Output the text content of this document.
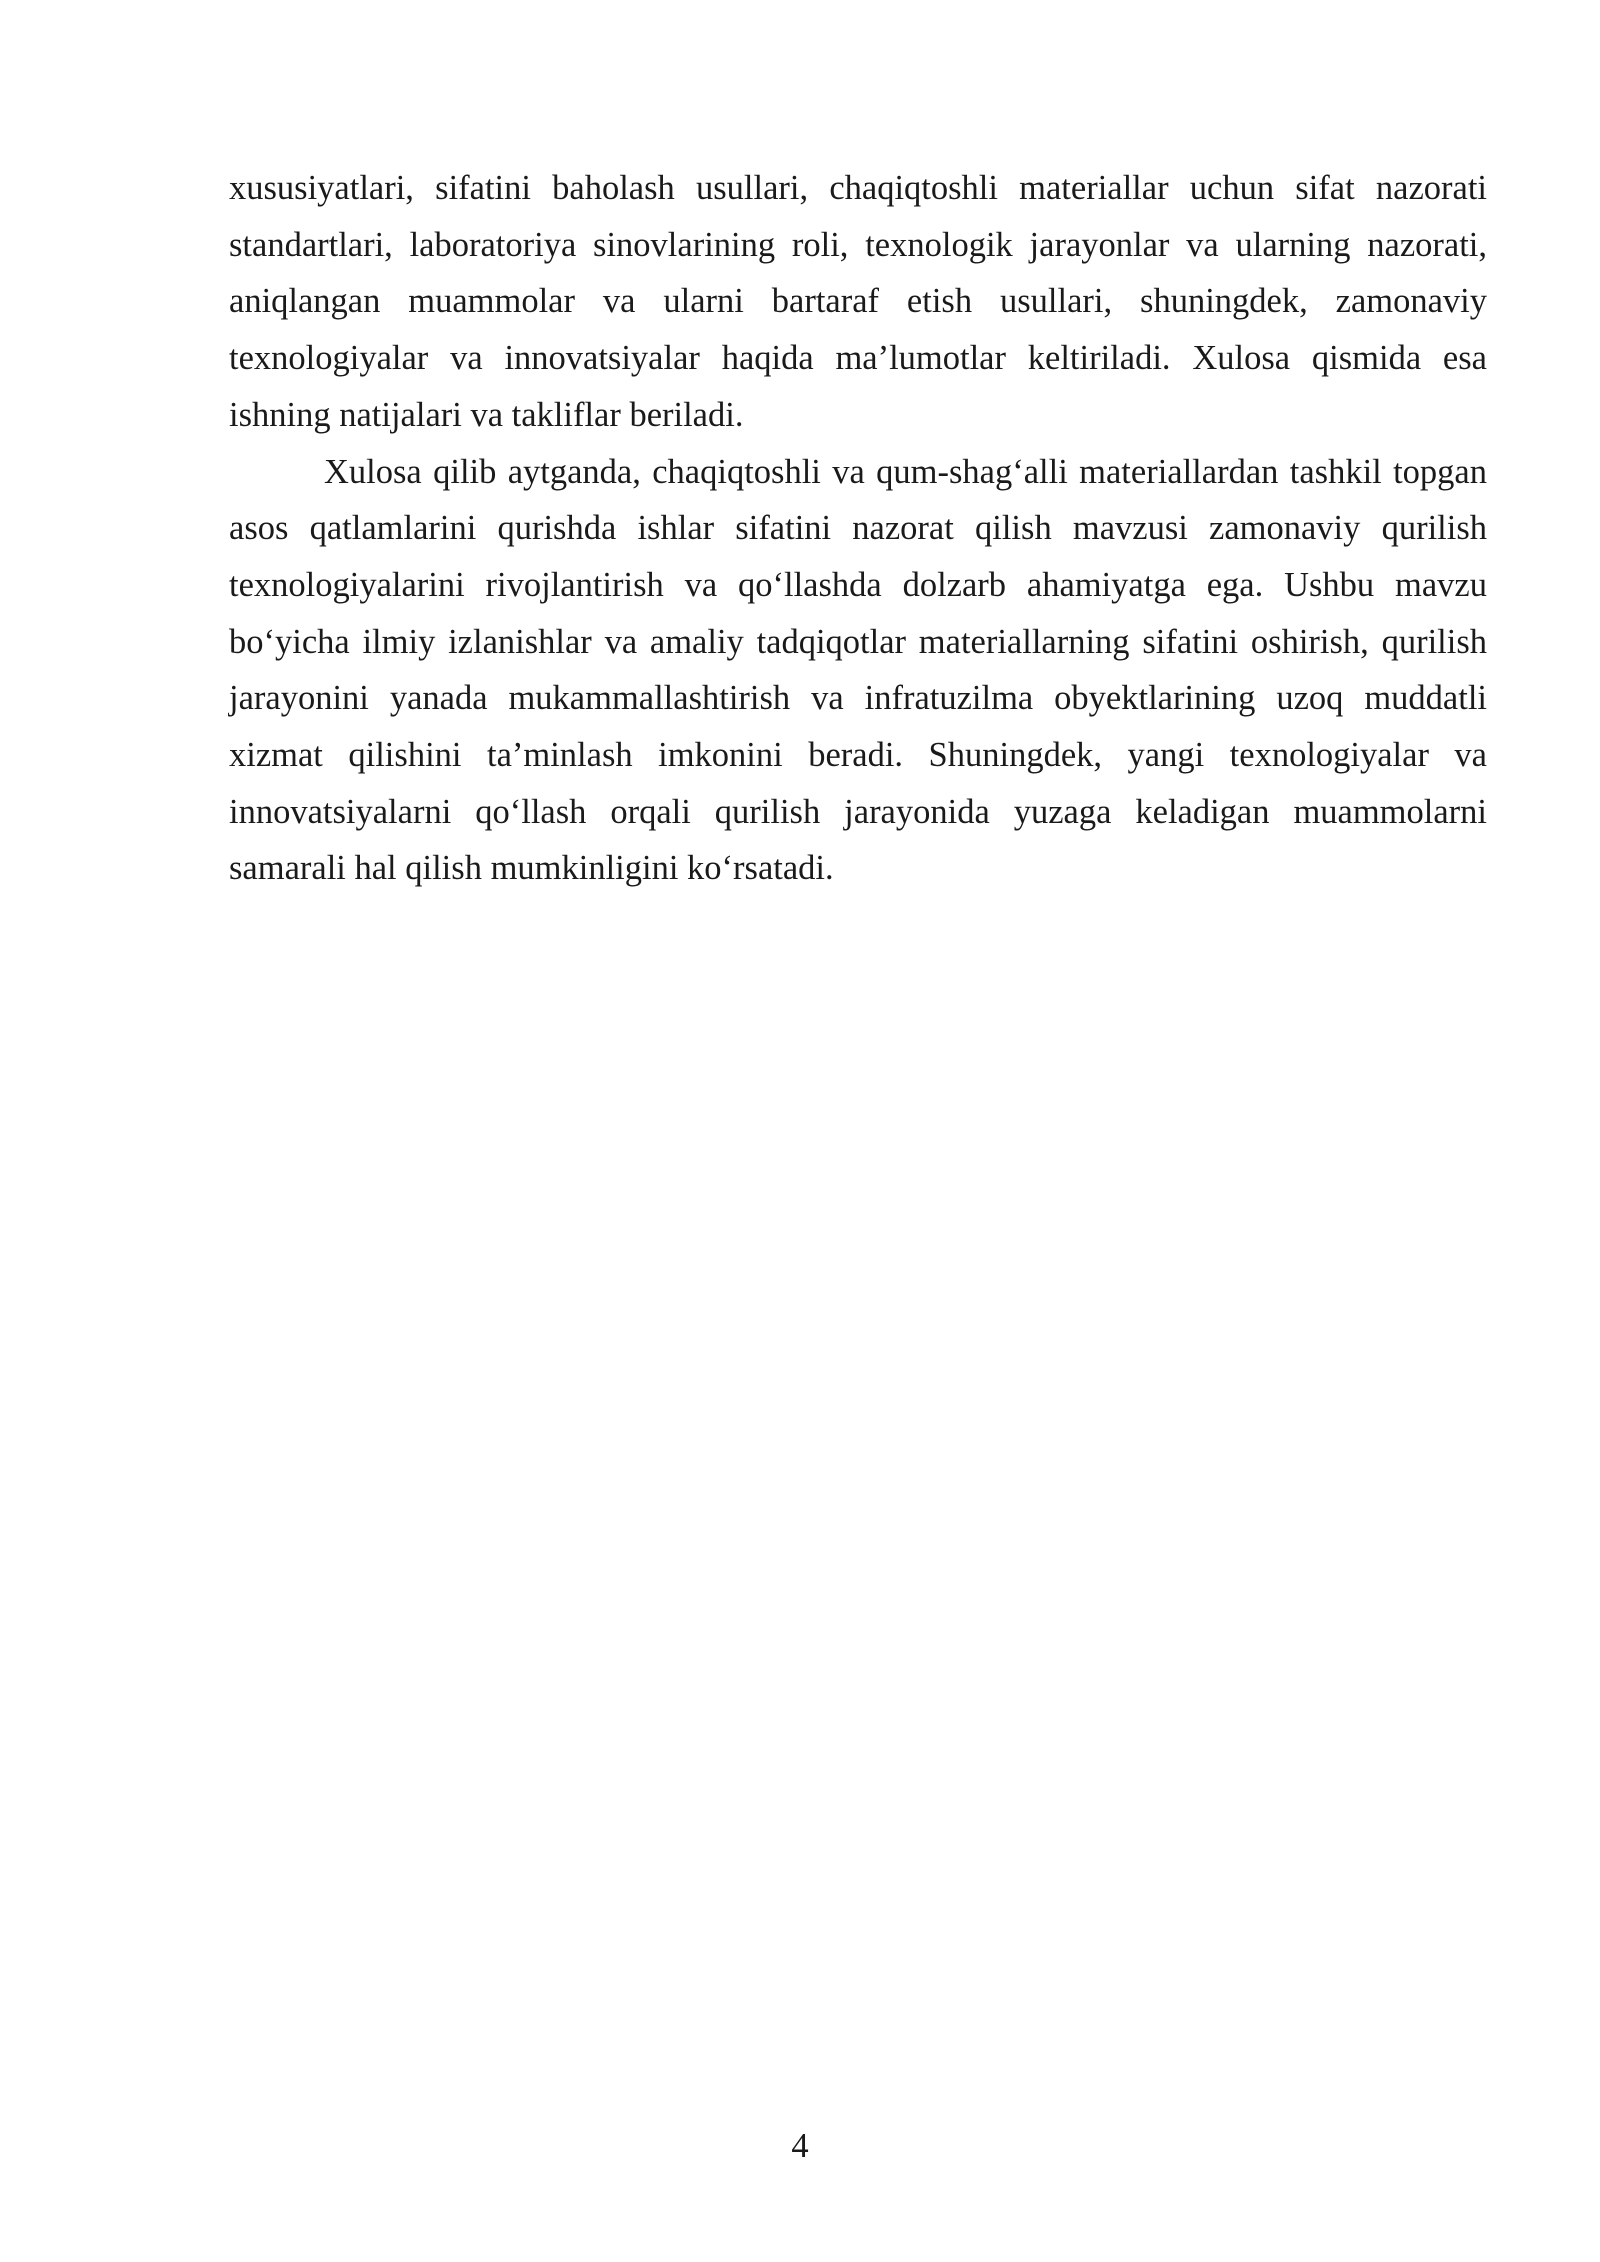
xususiyatlari, sifatini baholash usullari, chaqiqtoshli materiallar uchun sifat nazorati standartlari, laboratoriya sinovlarining roli, texnologik jarayonlar va ularning nazorati, aniqlangan muammolar va ularni bartaraf etish usullari, shuningdek, zamonaviy texnologiyalar va innovatsiyalar haqida ma’lumotlar keltiriladi. Xulosa qismida esa ishning natijalari va takliflar beriladi.

Xulosa qilib aytganda, chaqiqtoshli va qum-shag‘alli materiallardan tashkil topgan asos qatlamlarini qurishda ishlar sifatini nazorat qilish mavzusi zamonaviy qurilish texnologiyalarini rivojlantirish va qo‘llashda dolzarb ahamiyatga ega. Ushbu mavzu bo‘yicha ilmiy izlanishlar va amaliy tadqiqotlar materiallarning sifatini oshirish, qurilish jarayonini yanada mukammallashtirish va infratuzilma obyektlarining uzoq muddatli xizmat qilishini ta’minlash imkonini beradi. Shuningdek, yangi texnologiyalar va innovatsiyalarni qo‘llash orqali qurilish jarayonida yuzaga keladigan muammolarni samarali hal qilish mumkinligini ko‘rsatadi.

4
